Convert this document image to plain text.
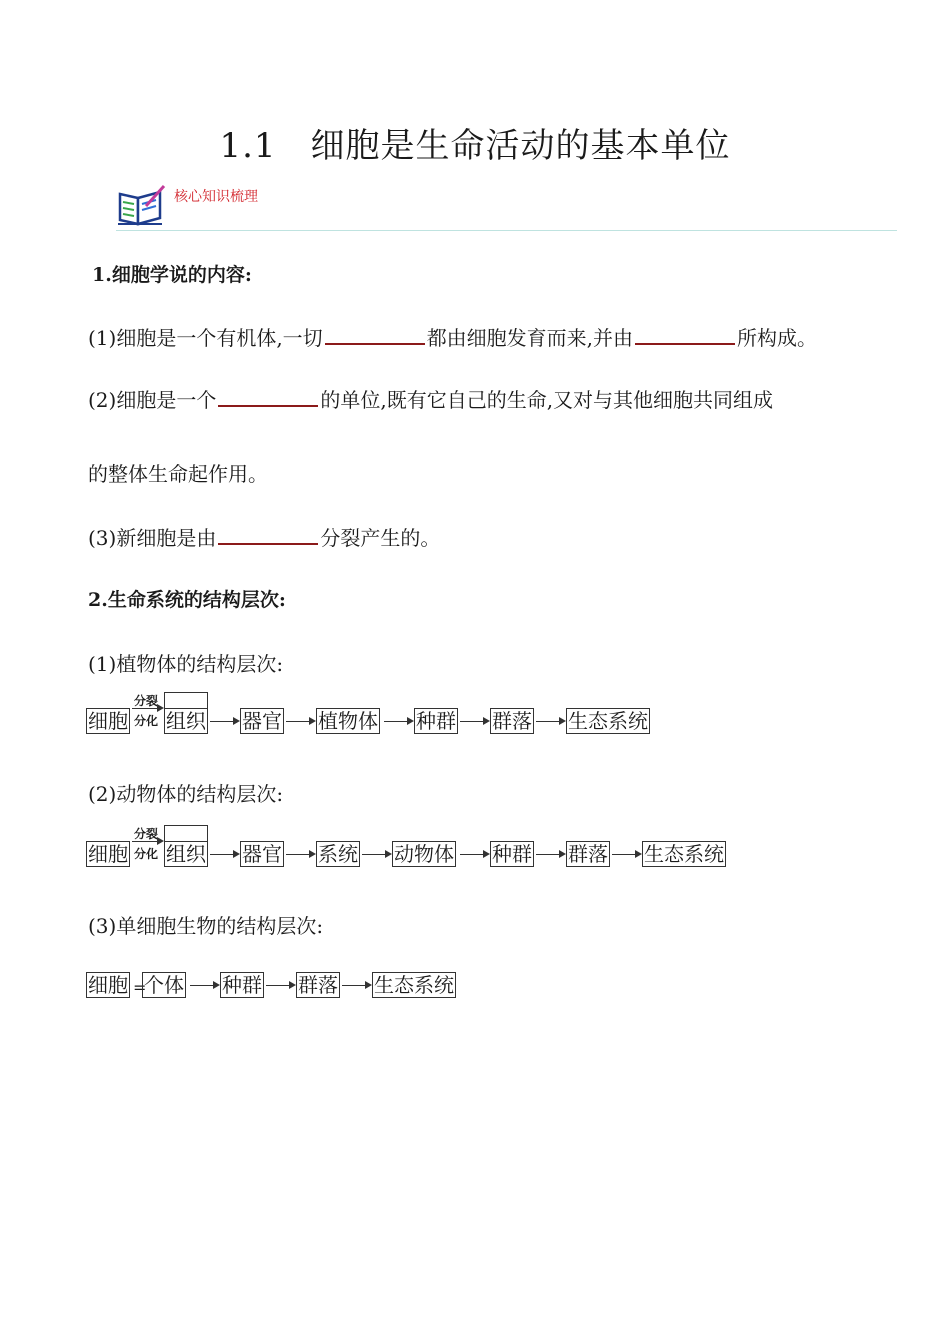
1.1 细胞是生命活动的基本单位
核心知识梳理
1.细胞学说的内容:
(1)细胞是一个有机体,一切	都由细胞发育而来,并由	所构成。
(2)细胞是一个	的单位,既有它自己的生命,又对与其他细胞共同组成
的整体生命起作用。
(3)新细胞是由	分裂产生的。
2.生命系统的结构层次:
(1)植物体的结构层次:
细胞
分裂
分化 组织 器官 植物体 种群 群落 生态系统
(2)动物体的结构层次:
细胞
分裂
分化 组织 器官 系统 动物体 种群 群落 生态系统
(3)单细胞生物的结构层次:
细胞 =
个体 种群 群落 生态系统
